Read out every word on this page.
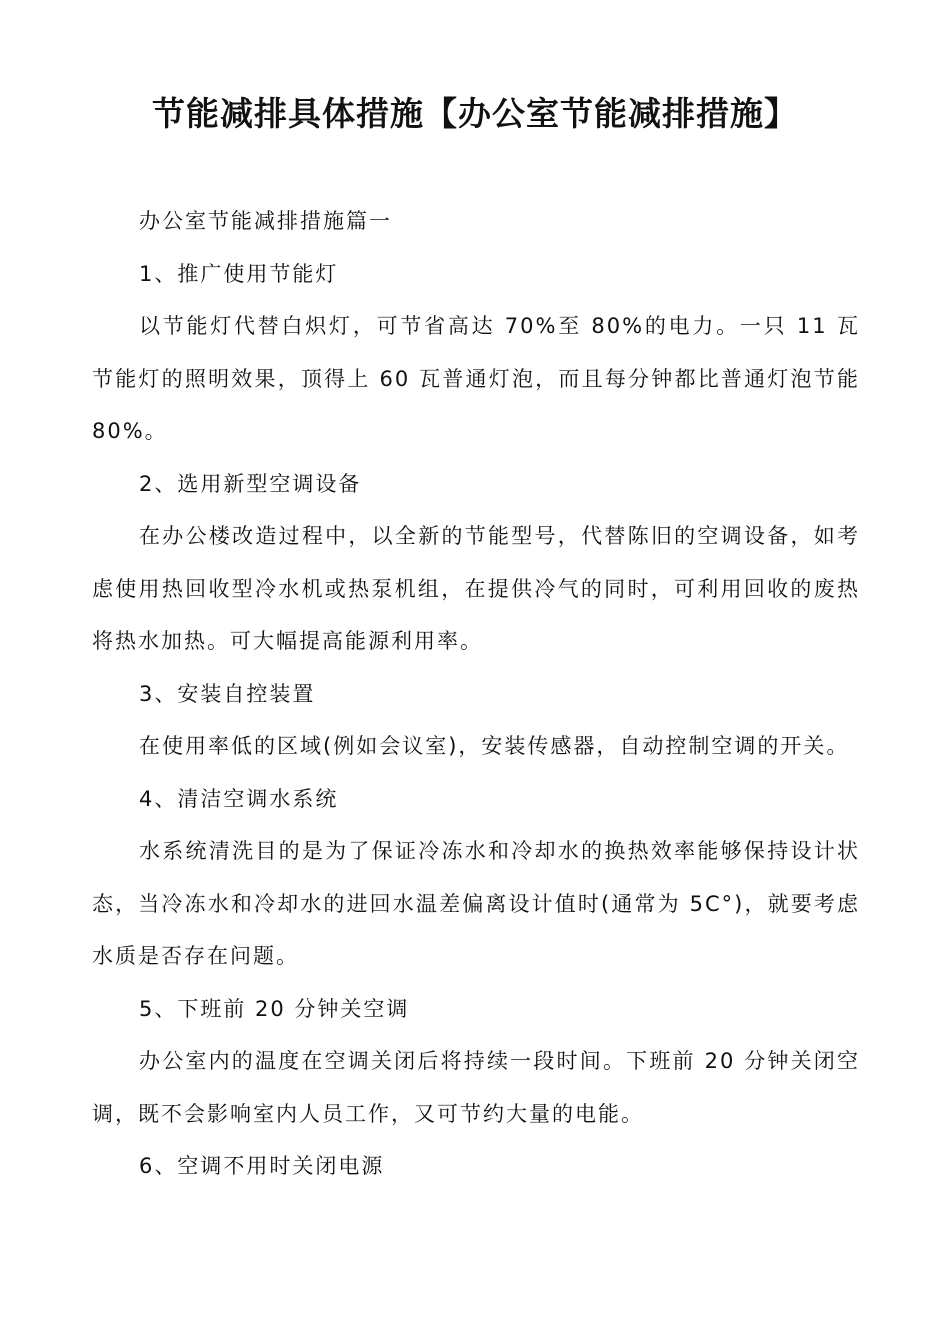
节能减排具体措施【办公室节能减排措施】

办公室节能减排措施篇一

1、推广使用节能灯

以节能灯代替白炽灯，可节省高达 70%至 80%的电力。一只 11 瓦节能灯的照明效果，顶得上 60 瓦普通灯泡，而且每分钟都比普通灯泡节能 80%。

2、选用新型空调设备

在办公楼改造过程中，以全新的节能型号，代替陈旧的空调设备，如考虑使用热回收型冷水机或热泵机组，在提供冷气的同时，可利用回收的废热将热水加热。可大幅提高能源利用率。

3、安装自控装置

在使用率低的区域(例如会议室)，安装传感器，自动控制空调的开关。

4、清洁空调水系统

水系统清洗目的是为了保证冷冻水和冷却水的换热效率能够保持设计状态，当冷冻水和冷却水的进回水温差偏离设计值时(通常为 5C°)，就要考虑水质是否存在问题。

5、下班前 20 分钟关空调

办公室内的温度在空调关闭后将持续一段时间。下班前 20 分钟关闭空调，既不会影响室内人员工作，又可节约大量的电能。

6、空调不用时关闭电源
